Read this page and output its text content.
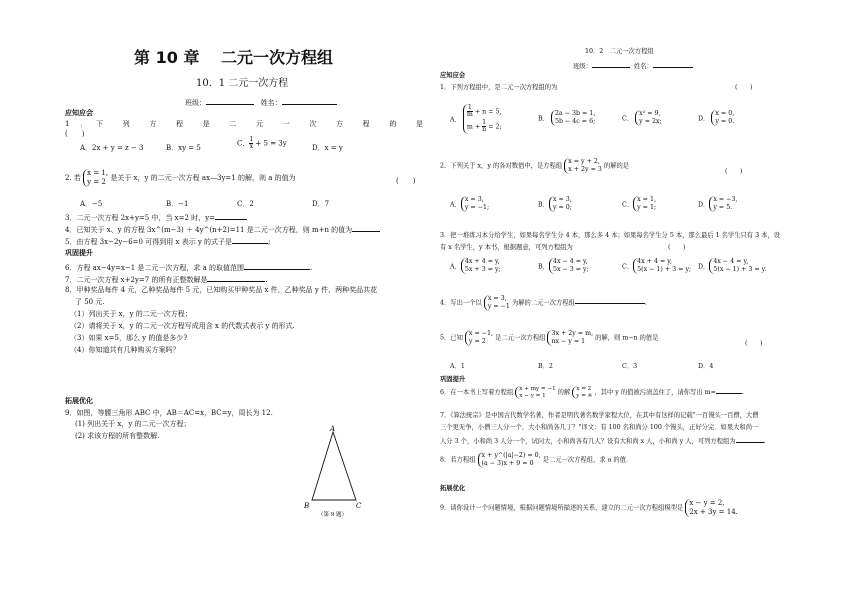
第 10 章　 二元一次方程组
10．1 二元一次方程
班级：	姓名：
应知应会
1 ．下 列 方 程 是 二 元 一 次 方 程 的 是
(　　)
A．2x + y = z − 3	B．xy = 5
C． $\frac{1}{x} + 5 = 3y$
D．x = y
2. 若 x = 1,
y = 2 是关于 x，y 的二元一次方程 ax—3y=1 的解，则 a 的值为	(　　)
A．−5	B．−1	C．2	D．7
3．二元一次方程 2x+y=5 中，当 x=2 时，y=
4．已知关于 x、y 的方程 3x^(m−3) ＋ 4y^(n+2)=11 是二元一次方程，则 m+n 的值为
5．由方程 3x−2y−6=0 可得到用 x 表示 y 的式子是	;
巩固提升
6．方程 ax−4y=x−1 是二元一次方程，求 a 的取值范围	.
7．二元一次方程 x+2y=7 的所有正整数解是	.
8．甲种奖品每件 4 元，乙种奖品每件 5 元，已知购买甲种奖品 x 件，乙种奖品 y 件，两种奖品共花
了 50 元.
（1）列出关于 x，y 的二元一次方程；
（2）请将关于 x，y 的二元一次方程写成用含 x 的代数式表示 y 的形式.
（3）如果 x=5，那么 y 的值是多少?
（4）你知道共有几种购买方案吗？
拓展优化
9．如图，等腰三角形 ABC 中，AB＝AC=x，BC=y，周长为 12.
(1) 列出关于 x，y 的二元一次方程；
(2) 求该方程的所有整数解.
A
B	C
（第 9 题）
10．2　二元一次方程组
班级：	姓名：
应知应会
1．下列方程组中，是二元一次方程组的为	(　　)
A．
$\frac{1}{m} + n = 5$,
$m + \frac{1}{n} = 2$;
B． 2a − 3b = 1,
5b − 4c = 6;	C． x² = 9,
y = 2x;	D． x = 0,
y = 0.
2．下列关于 x，y 的各对数值中，是方程组 x = y + 2,
x + 2y = 3 的解的是
(　　)
A．x = 3,
y = −1;	B．x = 3,
y = 0;	C．x = 1,
y = 1;	D．x = −3,
y = 5.
3．把一堆练习本分给学生，如果每名学生分 4 本，那么多 4 本；如果每名学生分 5 本，那么最后 1 名学生只有 3 本，设
有 x 名学生，y 本书，根据题意，可列方程组为	(　　)
A．4x + 4 = y,
5x + 3 = y;	B．4x − 4 = y,
5x − 3 = y;	C．4x + 4 = y,
5(x − 1) + 3 = y; D．4x − 4 = y,
5(x − 1) + 3 = y.
4．写出一个以 x = 3,
y = −1 为解的二元一次方程组	.
5．已知 x = −1,
y = 2 是二元一次方程组 3x + 2y = m,
nx − y = 1 的解，则 m−n 的值是
(　　)
A．1	B．2	C．3	D．4
巩固提升
6．在一本书上写着方程组 x + my = −1
x − y = 1 的解 x = 2
y = ※ ，其中 y 的值被污渍盖住了，请你写出 m=	.
7．《算法统宗》是中国古代数学名著，作者是明代著名数学家程大位，在其中有这样的记载"一百馒头一百僧，大僧
三个更无争，小僧三人分一个，大小和尚各几丁？"译文：有 100 名和尚分 100 个馒头，正好分完．如果大和尚一
人分 3 个，小和尚 3 人分一个，试问大，小和尚各有几人？设有大和尚 x 人，小和尚 y 人，可列方程组为	.
8．若方程组 x + y^(|a|−2) = 0,
(a − 3)x + 9 = 0 是二元一次方程组，求 a 的值.
拓展优化
9．请你设计一个问题情境，根据问题情境所描述的关系，建立的二元一次方程组模型是 x − y = 2,
2x + 3y = 14.
